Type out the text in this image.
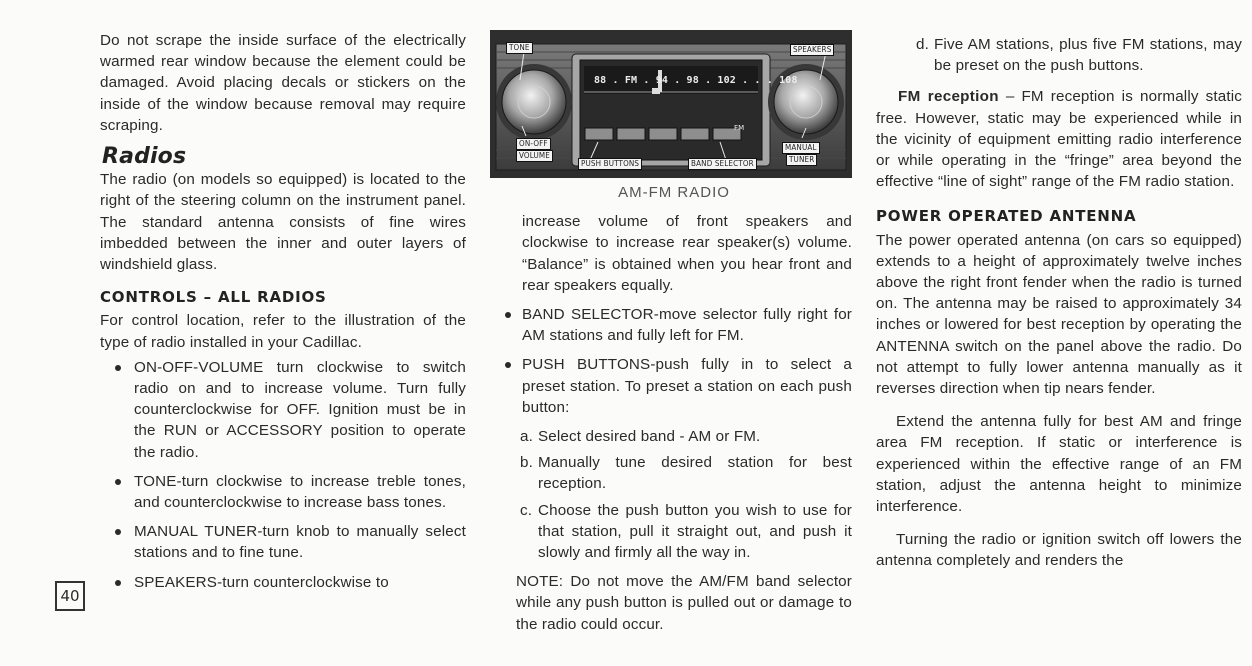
Do not scrape the inside surface of the electrically warmed rear window because the element could be damaged. Avoid placing decals or stickers on the inside of the window because removal may require scraping.

Radios

The radio (on models so equipped) is located to the right of the steering column on the instrument panel. The standard antenna consists of fine wires imbedded between the inner and outer layers of windshield glass.

CONTROLS – ALL RADIOS

For control location, refer to the illustration of the type of radio installed in your Cadillac.

ON-OFF-VOLUME turn clockwise to switch radio on and to increase volume. Turn fully counterclockwise for OFF. Ignition must be in the RUN or ACCESSORY position to operate the radio.
TONE-turn clockwise to increase treble tones, and counterclockwise to increase bass tones.
MANUAL TUNER-turn knob to manually select stations and to fine tune.
SPEAKERS-turn counterclockwise to
40
TONE	SPEAKERS
ON-OFF
VOLUME
PUSH BUTTONS	BAND SELECTOR
MANUAL
TUNER
88 . FM . 94 . 98 . 102 . . . 108
FM
AM-FM RADIO

increase volume of front speakers and clockwise to increase rear speaker(s) volume. “Balance” is obtained when you hear front and rear speakers equally.

BAND SELECTOR-move selector fully right for AM stations and fully left for FM.
PUSH BUTTONS-push fully in to select a preset station. To preset a station on each push button:
a. Select desired band - AM or FM.
b. Manually tune desired station for best reception.
c. Choose the push button you wish to use for that station, pull it straight out, and push it slowly and firmly all the way in.

NOTE: Do not move the AM/FM band selector while any push button is pulled out or damage to the radio could occur.

d. Five AM stations, plus five FM stations, may be preset on the push buttons.

FM reception – FM reception is normally static free. However, static may be experienced while in the vicinity of equipment emitting radio interference or while operating in the “fringe” area beyond the effective “line of sight” range of the FM radio station.

POWER OPERATED ANTENNA

The power operated antenna (on cars so equipped) extends to a height of approximately twelve inches above the right front fender when the radio is turned on. The antenna may be raised to approximately 34 inches or lowered for best reception by operating the ANTENNA switch on the panel above the radio. Do not attempt to fully lower antenna manually as it reverses direction when tip nears fender.

Extend the antenna fully for best AM and fringe area FM reception. If static or interference is experienced within the effective range of an FM station, adjust the antenna height to minimize interference.

Turning the radio or ignition switch off lowers the antenna completely and renders the
